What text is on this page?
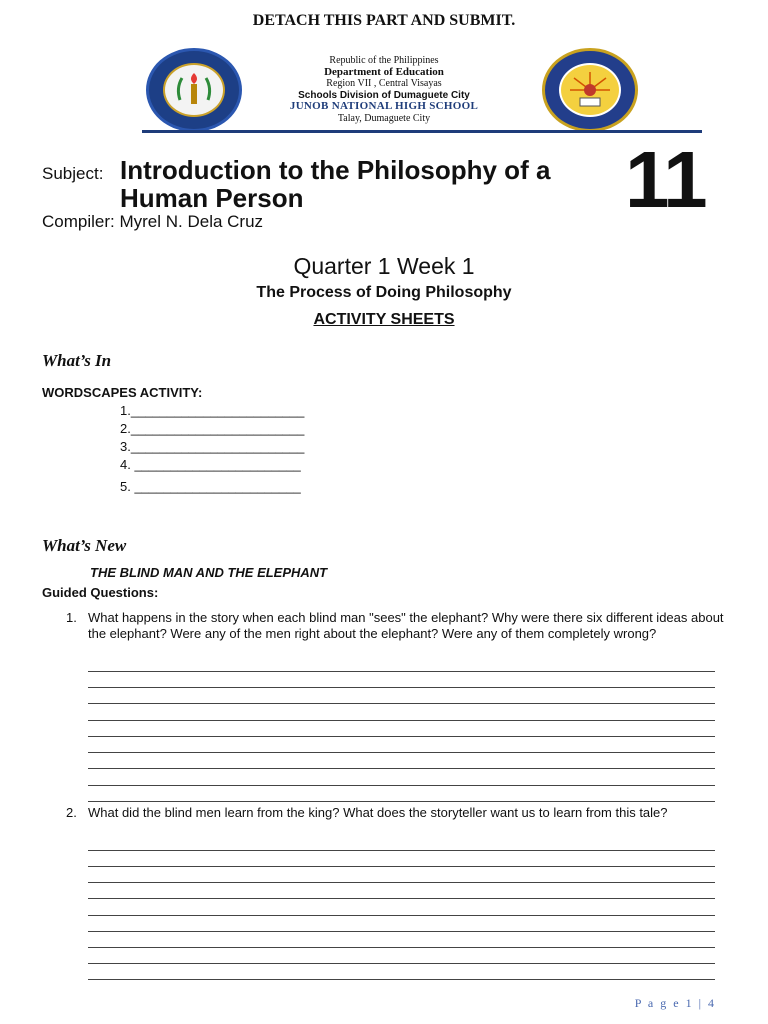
DETACH THIS PART AND SUBMIT.
Republic of the Philippines
Department of Education
Region VII , Central Visayas
Schools Division of Dumaguete City
JUNOB NATIONAL HIGH SCHOOL
Talay, Dumaguete City
Subject: Introduction to the Philosophy of a
Human Person	11
Compiler: Myrel N. Dela Cruz
Quarter 1 Week 1
The Process of Doing Philosophy
ACTIVITY SHEETS
What’s In
WORDSCAPES ACTIVITY:
1.________________________
2.________________________
3.________________________
4. _______________________
5. _______________________
What’s New
THE BLIND MAN AND THE ELEPHANT
Guided Questions:
1. What happens in the story when each blind man "sees" the elephant? Why were there six different ideas about the elephant? Were any of the men right about the elephant? Were any of them completely wrong?
2. What did the blind men learn from the king? What does the storyteller want us to learn from this tale?
P a g e 1 | 4
